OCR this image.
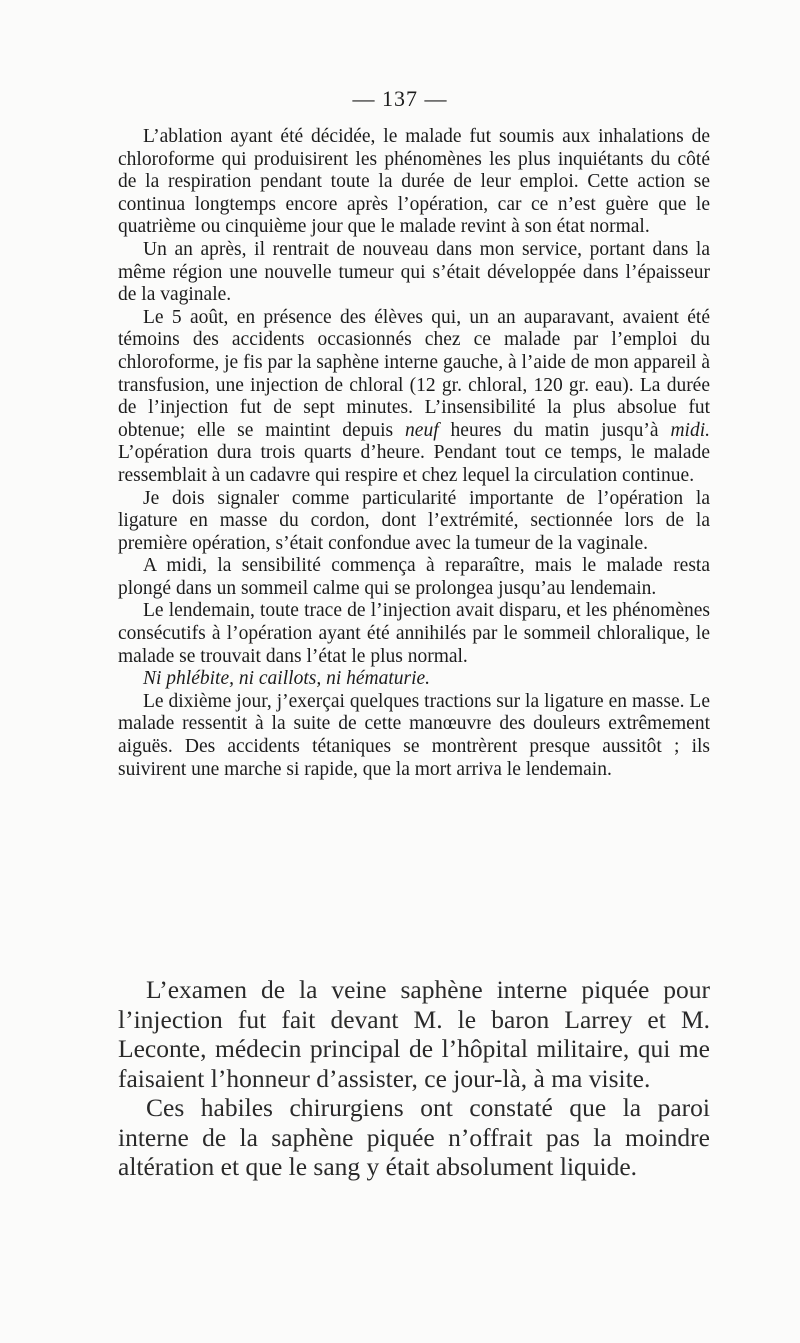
— 137 —

L’ablation ayant été décidée, le malade fut soumis aux inhalations de chloroforme qui produisirent les phénomènes les plus inquiétants du côté de la respiration pendant toute la durée de leur emploi. Cette action se continua longtemps encore après l’opération, car ce n’est guère que le quatrième ou cinquième jour que le malade revint à son état normal.

Un an après, il rentrait de nouveau dans mon service, portant dans la même région une nouvelle tumeur qui s’était développée dans l’épaisseur de la vaginale.

Le 5 août, en présence des élèves qui, un an auparavant, avaient été témoins des accidents occasionnés chez ce malade par l’emploi du chloroforme, je fis par la saphène interne gauche, à l’aide de mon appareil à transfusion, une injection de chloral (12 gr. chloral, 120 gr. eau). La durée de l’injection fut de sept minutes. L’insensibilité la plus absolue fut obtenue; elle se maintint depuis neuf heures du matin jusqu’à midi. L’opération dura trois quarts d’heure. Pendant tout ce temps, le malade ressemblait à un cadavre qui respire et chez lequel la circulation continue.

Je dois signaler comme particularité importante de l’opération la ligature en masse du cordon, dont l’extrémité, sectionnée lors de la première opération, s’était confondue avec la tumeur de la vaginale.

A midi, la sensibilité commença à reparaître, mais le malade resta plongé dans un sommeil calme qui se prolongea jusqu’au lendemain.

Le lendemain, toute trace de l’injection avait disparu, et les phénomènes consécutifs à l’opération ayant été annihilés par le sommeil chloralique, le malade se trouvait dans l’état le plus normal.

Ni phlébite, ni caillots, ni hématurie.

Le dixième jour, j’exerçai quelques tractions sur la ligature en masse. Le malade ressentit à la suite de cette manœuvre des douleurs extrêmement aiguës. Des accidents tétaniques se montrèrent presque aussitôt ; ils suivirent une marche si rapide, que la mort arriva le lendemain.

L’examen de la veine saphène interne piquée pour l’injection fut fait devant M. le baron Larrey et M. Leconte, médecin principal de l’hôpital militaire, qui me faisaient l’honneur d’assister, ce jour-là, à ma visite.

Ces habiles chirurgiens ont constaté que la paroi interne de la saphène piquée n’offrait pas la moindre altération et que le sang y était absolument liquide.
